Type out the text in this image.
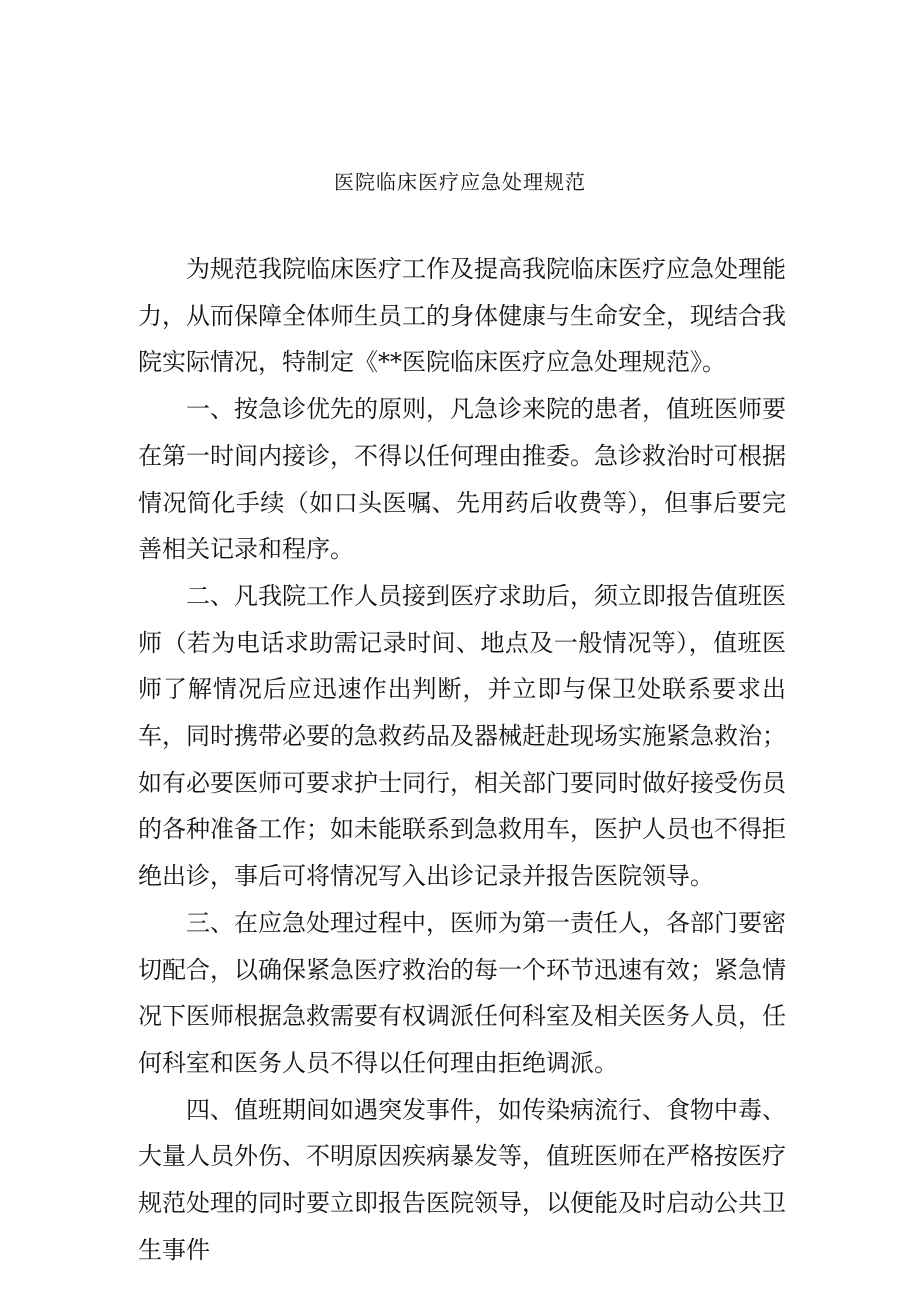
医院临床医疗应急处理规范

为规范我院临床医疗工作及提高我院临床医疗应急处理能力，从而保障全体师生员工的身体健康与生命安全，现结合我院实际情况，特制定《**医院临床医疗应急处理规范》。

一、按急诊优先的原则，凡急诊来院的患者，值班医师要在第一时间内接诊，不得以任何理由推委。急诊救治时可根据情况简化手续（如口头医嘱、先用药后收费等），但事后要完善相关记录和程序。

二、凡我院工作人员接到医疗求助后，须立即报告值班医师（若为电话求助需记录时间、地点及一般情况等），值班医师了解情况后应迅速作出判断，并立即与保卫处联系要求出车，同时携带必要的急救药品及器械赶赴现场实施紧急救治；如有必要医师可要求护士同行，相关部门要同时做好接受伤员的各种准备工作；如未能联系到急救用车，医护人员也不得拒绝出诊，事后可将情况写入出诊记录并报告医院领导。

三、在应急处理过程中，医师为第一责任人，各部门要密切配合，以确保紧急医疗救治的每一个环节迅速有效；紧急情况下医师根据急救需要有权调派任何科室及相关医务人员，任何科室和医务人员不得以任何理由拒绝调派。

四、值班期间如遇突发事件，如传染病流行、食物中毒、大量人员外伤、不明原因疾病暴发等，值班医师在严格按医疗规范处理的同时要立即报告医院领导，以便能及时启动公共卫生事件
